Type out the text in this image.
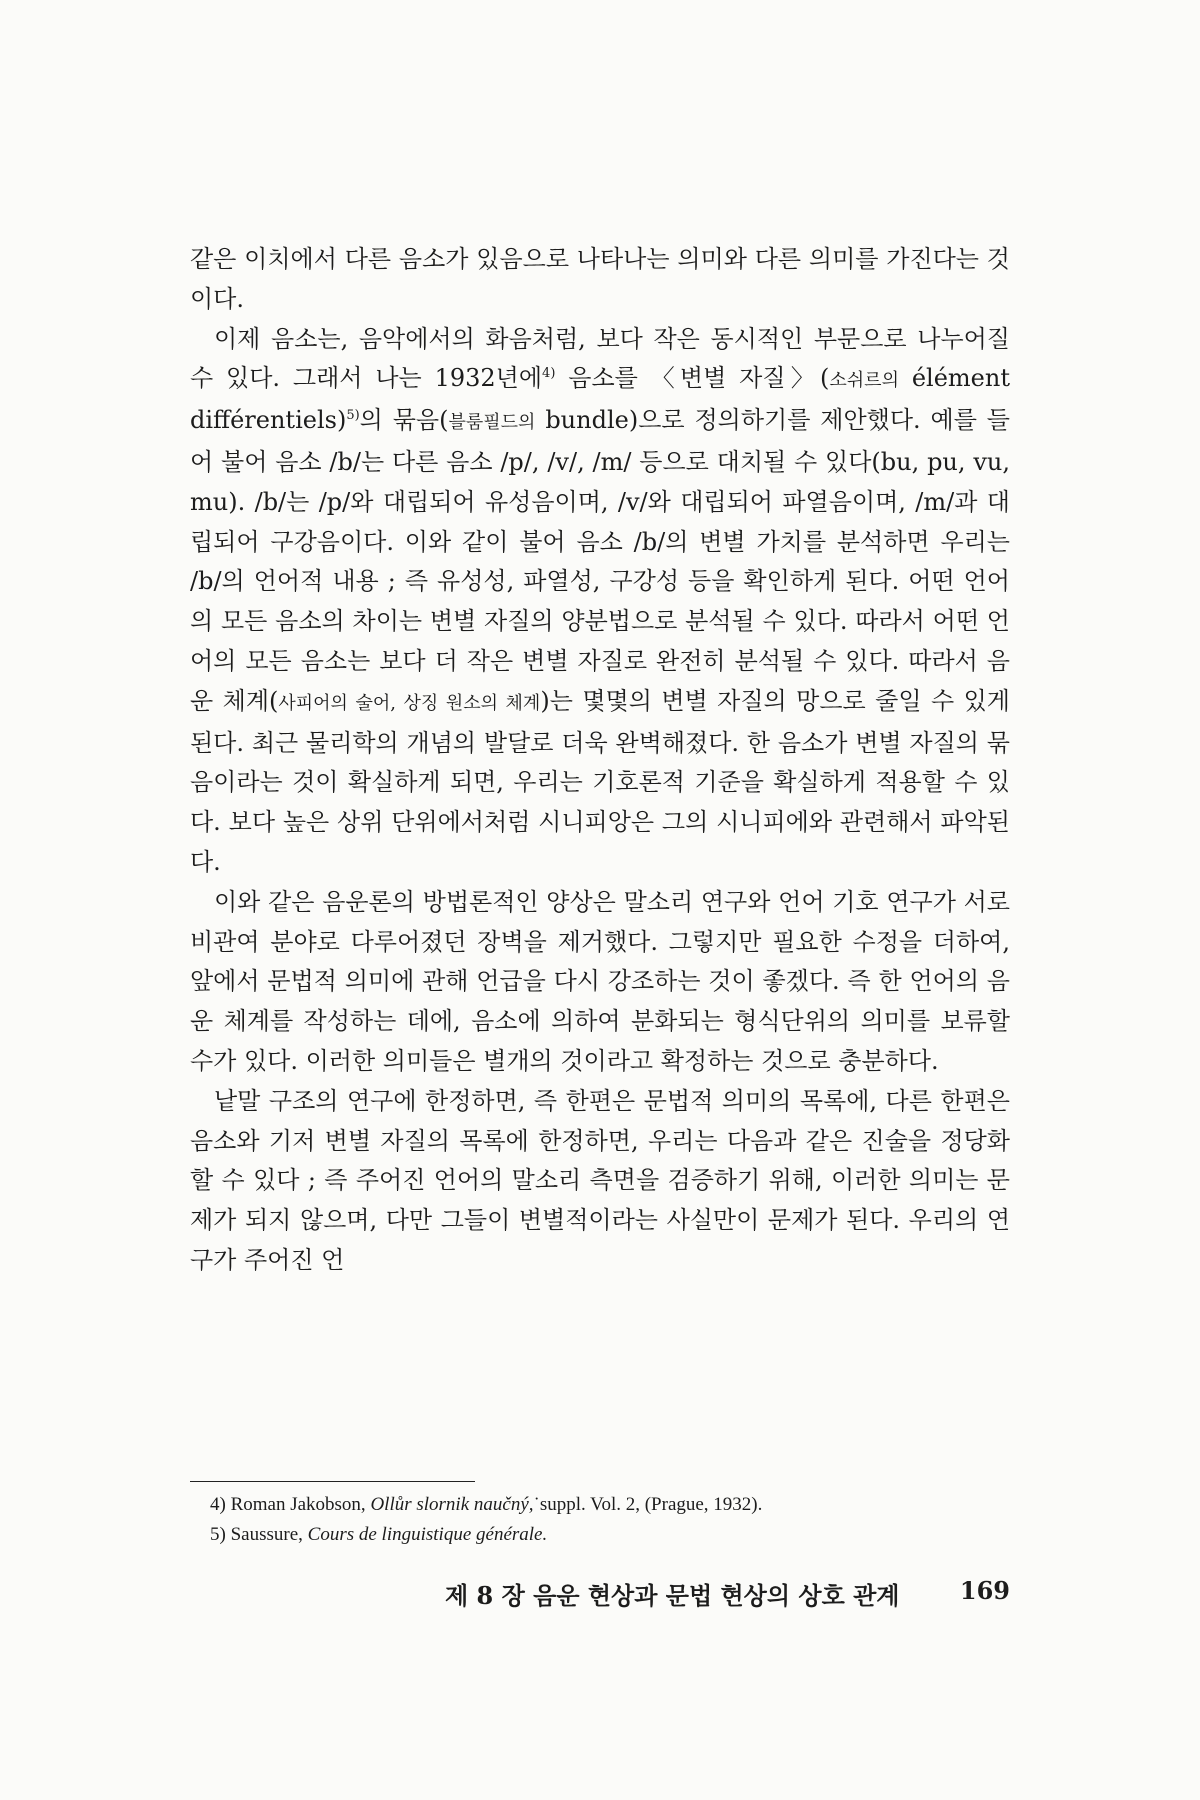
같은 이치에서 다른 음소가 있음으로 나타나는 의미와 다른 의미를 가진다는 것이다.

이제 음소는, 음악에서의 화음처럼, 보다 작은 동시적인 부문으로 나누어질 수 있다. 그래서 나는 1932년에$^{4)}$ 음소를 〈변별 자질〉(소쉬르의 élément différentiels)$^{5)}$의 묶음(블룸필드의 bundle)으로 정의하기를 제안했다. 예를 들어 불어 음소 /b/는 다른 음소 /p/, /v/, /m/ 등으로 대치될 수 있다(bu, pu, vu, mu). /b/는 /p/와 대립되어 유성음이며, /v/와 대립되어 파열음이며, /m/과 대립되어 구강음이다. 이와 같이 불어 음소 /b/의 변별 가치를 분석하면 우리는 /b/의 언어적 내용 ; 즉 유성성, 파열성, 구강성 등을 확인하게 된다. 어떤 언어의 모든 음소의 차이는 변별 자질의 양분법으로 분석될 수 있다. 따라서 어떤 언어의 모든 음소는 보다 더 작은 변별 자질로 완전히 분석될 수 있다. 따라서 음운 체계(사피어의 술어, 상징 원소의 체계)는 몇몇의 변별 자질의 망으로 줄일 수 있게 된다. 최근 물리학의 개념의 발달로 더욱 완벽해졌다. 한 음소가 변별 자질의 묶음이라는 것이 확실하게 되면, 우리는 기호론적 기준을 확실하게 적용할 수 있다. 보다 높은 상위 단위에서처럼 시니피앙은 그의 시니피에와 관련해서 파악된다.

이와 같은 음운론의 방법론적인 양상은 말소리 연구와 언어 기호 연구가 서로 비관여 분야로 다루어졌던 장벽을 제거했다. 그렇지만 필요한 수정을 더하여, 앞에서 문법적 의미에 관해 언급을 다시 강조하는 것이 좋겠다. 즉 한 언어의 음운 체계를 작성하는 데에, 음소에 의하여 분화되는 형식단위의 의미를 보류할 수가 있다. 이러한 의미들은 별개의 것이라고 확정하는 것으로 충분하다.

낱말 구조의 연구에 한정하면, 즉 한편은 문법적 의미의 목록에, 다른 한편은 음소와 기저 변별 자질의 목록에 한정하면, 우리는 다음과 같은 진술을 정당화할 수 있다 ; 즉 주어진 언어의 말소리 측면을 검증하기 위해, 이러한 의미는 문제가 되지 않으며, 다만 그들이 변별적이라는 사실만이 문제가 된다. 우리의 연구가 주어진 언

4) Roman Jakobson, Ollůr slornik naučný,˙suppl. Vol. 2, (Prague, 1932).
5) Saussure, Cours de linguistique générale.
제 8 장 음운 현상과 문법 현상의 상호 관계	169
